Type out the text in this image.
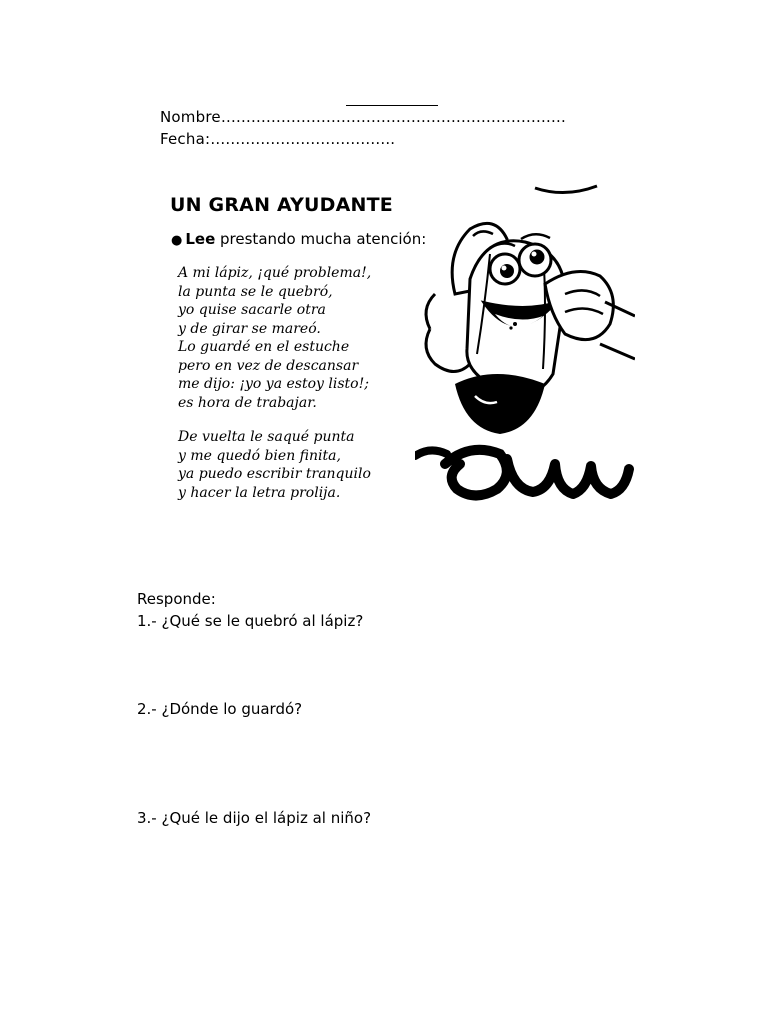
Nombre……………………………………………………………
Fecha:……………………………….
UN GRAN AYUDANTE
● Lee prestando mucha atención:
A mi lápiz, ¡qué problema!,
la punta se le quebró,
yo quise sacarle otra
y de girar se mareó.
Lo guardé en el estuche
pero en vez de descansar
me dijo: ¡yo ya estoy listo!;
es hora de trabajar.
De vuelta le saqué punta
y me quedó bien finita,
ya puedo escribir tranquilo
y hacer la letra prolija.
Responde:
1.- ¿Qué se le quebró al lápiz?
2.- ¿Dónde lo guardó?
3.- ¿Qué le dijo el lápiz al niño?
